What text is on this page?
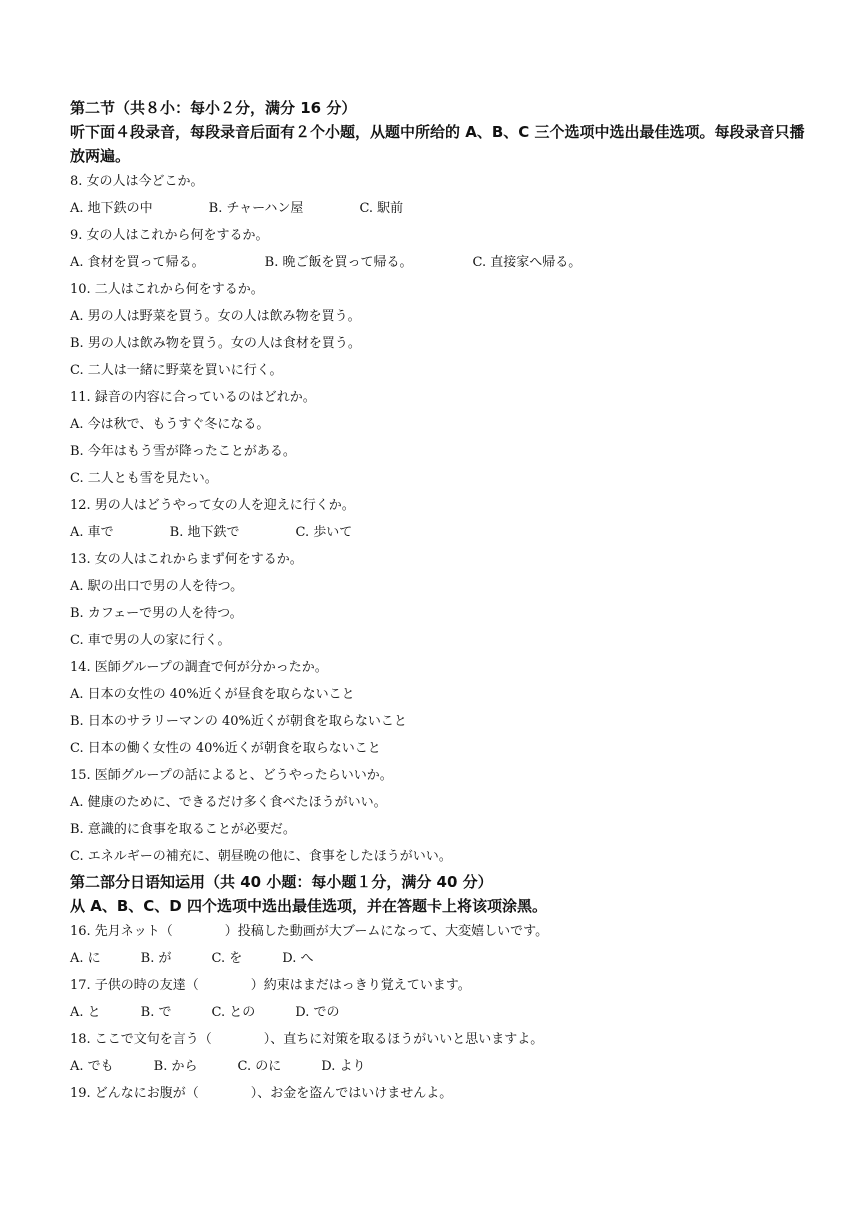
第二节（共８小：每小２分，满分 16 分）
听下面４段录音，每段录音后面有２个小题，从题中所给的 A、B、C 三个选项中选出最佳选项。每段录音只播放两遍。
8. 女の人は今どこか。
A. 地下鉄の中	B. チャーハン屋	C. 駅前
9. 女の人はこれから何をするか。
A. 食材を買って帰る。	B. 晩ご飯を買って帰る。	C. 直接家へ帰る。
10. 二人はこれから何をするか。
A. 男の人は野菜を買う。女の人は飲み物を買う。
B. 男の人は飲み物を買う。女の人は食材を買う。
C. 二人は一緒に野菜を買いに行く。
11. 録音の内容に合っているのはどれか。
A. 今は秋で、もうすぐ冬になる。
B. 今年はもう雪が降ったことがある。
C. 二人とも雪を見たい。
12. 男の人はどうやって女の人を迎えに行くか。
A. 車で	B. 地下鉄で	C. 歩いて
13. 女の人はこれからまず何をするか。
A. 駅の出口で男の人を待つ。
B. カフェーで男の人を待つ。
C. 車で男の人の家に行く。
14. 医師グループの調査で何が分かったか。
A. 日本の女性の 40%近くが昼食を取らないこと
B. 日本のサラリーマンの 40%近くが朝食を取らないこと
C. 日本の働く女性の 40%近くが朝食を取らないこと
15. 医師グループの話によると、どうやったらいいか。
A. 健康のために、できるだけ多く食べたほうがいい。
B. 意識的に食事を取ることが必要だ。
C. エネルギーの補充に、朝昼晩の他に、食事をしたほうがいい。
第二部分日语知运用（共 40 小题：每小题１分，满分 40 分）
从 A、B、C、D 四个选项中选出最佳选项，并在答题卡上将该项涂黑。
16. 先月ネット（　　　　）投稿した動画が大ブームになって、大変嬉しいです。
A. に	B. が	C. を	D. へ
17. 子供の時の友達（　　　　）約束はまだはっきり覚えています。
A. と	B. で	C. との	D. での
18. ここで文句を言う（　　　　）、直ちに対策を取るほうがいいと思いますよ。
A. でも	B. から	C. のに	D. より
19. どんなにお腹が（　　　　）、お金を盗んではいけませんよ。
